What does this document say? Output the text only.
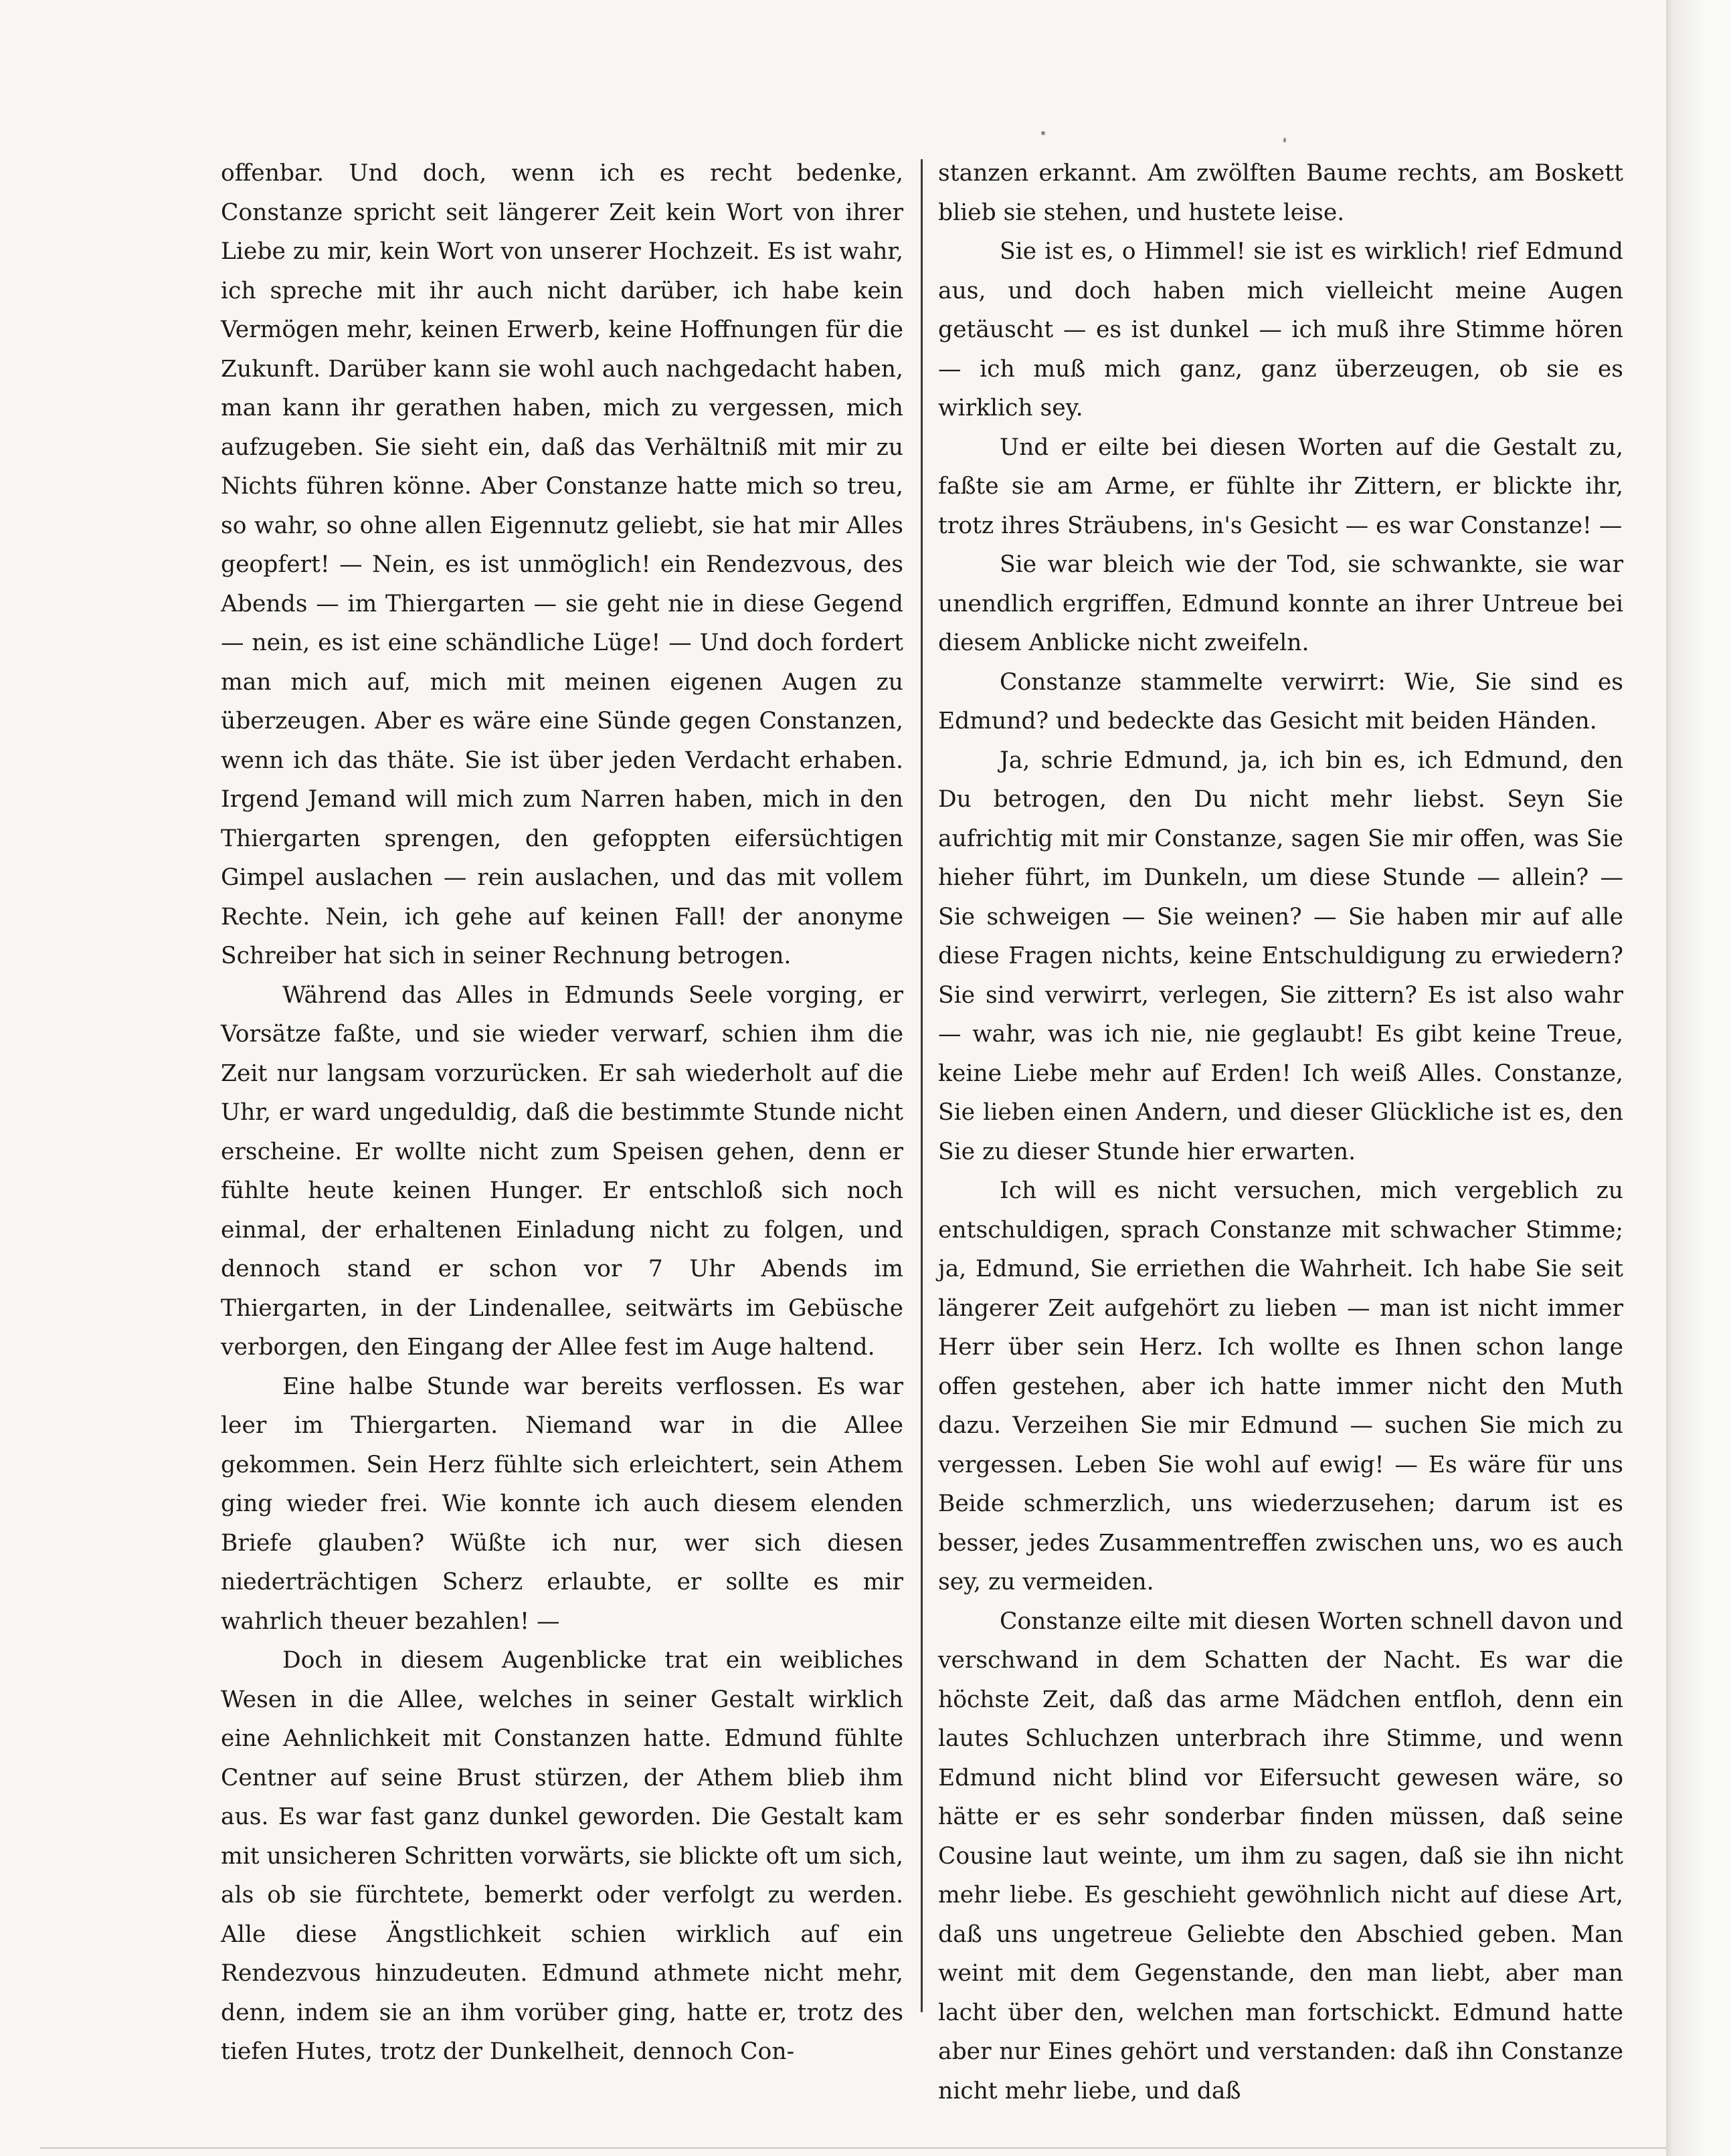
offenbar. Und doch, wenn ich es recht bedenke, Constanze spricht seit längerer Zeit kein Wort von ihrer Liebe zu mir, kein Wort von unserer Hochzeit. Es ist wahr, ich spreche mit ihr auch nicht darüber, ich habe kein Vermögen mehr, keinen Erwerb, keine Hoffnungen für die Zukunft. Darüber kann sie wohl auch nachgedacht haben, man kann ihr gerathen haben, mich zu vergessen, mich aufzugeben. Sie sieht ein, daß das Verhältniß mit mir zu Nichts führen könne. Aber Constanze hatte mich so treu, so wahr, so ohne allen Eigennutz geliebt, sie hat mir Alles geopfert! — Nein, es ist unmöglich! ein Rendezvous, des Abends — im Thiergarten — sie geht nie in diese Gegend — nein, es ist eine schändliche Lüge! — Und doch fordert man mich auf, mich mit meinen eigenen Augen zu überzeugen. Aber es wäre eine Sünde gegen Constanzen, wenn ich das thäte. Sie ist über jeden Verdacht erhaben. Irgend Jemand will mich zum Narren haben, mich in den Thiergarten sprengen, den gefoppten eifersüchtigen Gimpel auslachen — rein auslachen, und das mit vollem Rechte. Nein, ich gehe auf keinen Fall! der anonyme Schreiber hat sich in seiner Rechnung betrogen.

Während das Alles in Edmunds Seele vorging, er Vorsätze faßte, und sie wieder verwarf, schien ihm die Zeit nur langsam vorzurücken. Er sah wiederholt auf die Uhr, er ward ungeduldig, daß die bestimmte Stunde nicht erscheine. Er wollte nicht zum Speisen gehen, denn er fühlte heute keinen Hunger. Er entschloß sich noch einmal, der erhaltenen Einladung nicht zu folgen, und dennoch stand er schon vor 7 Uhr Abends im Thiergarten, in der Lindenallee, seitwärts im Gebüsche verborgen, den Eingang der Allee fest im Auge haltend.

Eine halbe Stunde war bereits verflossen. Es war leer im Thiergarten. Niemand war in die Allee gekommen. Sein Herz fühlte sich erleichtert, sein Athem ging wieder frei. Wie konnte ich auch diesem elenden Briefe glauben? Wüßte ich nur, wer sich diesen niederträchtigen Scherz erlaubte, er sollte es mir wahrlich theuer bezahlen! —

Doch in diesem Augenblicke trat ein weibliches Wesen in die Allee, welches in seiner Gestalt wirklich eine Aehnlichkeit mit Constanzen hatte. Edmund fühlte Centner auf seine Brust stürzen, der Athem blieb ihm aus. Es war fast ganz dunkel geworden. Die Gestalt kam mit unsicheren Schritten vorwärts, sie blickte oft um sich, als ob sie fürchtete, bemerkt oder verfolgt zu werden. Alle diese Ängstlichkeit schien wirklich auf ein Rendezvous hinzudeuten. Edmund athmete nicht mehr, denn, indem sie an ihm vorüber ging, hatte er, trotz des tiefen Hutes, trotz der Dunkelheit, dennoch Con-

stanzen erkannt. Am zwölften Baume rechts, am Boskett blieb sie stehen, und hustete leise.

Sie ist es, o Himmel! sie ist es wirklich! rief Edmund aus, und doch haben mich vielleicht meine Augen getäuscht — es ist dunkel — ich muß ihre Stimme hören — ich muß mich ganz, ganz überzeugen, ob sie es wirklich sey.

Und er eilte bei diesen Worten auf die Gestalt zu, faßte sie am Arme, er fühlte ihr Zittern, er blickte ihr, trotz ihres Sträubens, in's Gesicht — es war Constanze! —

Sie war bleich wie der Tod, sie schwankte, sie war unendlich ergriffen, Edmund konnte an ihrer Untreue bei diesem Anblicke nicht zweifeln.

Constanze stammelte verwirrt: Wie, Sie sind es Edmund? und bedeckte das Gesicht mit beiden Händen.

Ja, schrie Edmund, ja, ich bin es, ich Edmund, den Du betrogen, den Du nicht mehr liebst. Seyn Sie aufrichtig mit mir Constanze, sagen Sie mir offen, was Sie hieher führt, im Dunkeln, um diese Stunde — allein? — Sie schweigen — Sie weinen? — Sie haben mir auf alle diese Fragen nichts, keine Entschuldigung zu erwiedern? Sie sind verwirrt, verlegen, Sie zittern? Es ist also wahr — wahr, was ich nie, nie geglaubt! Es gibt keine Treue, keine Liebe mehr auf Erden! Ich weiß Alles. Constanze, Sie lieben einen Andern, und dieser Glückliche ist es, den Sie zu dieser Stunde hier erwarten.

Ich will es nicht versuchen, mich vergeblich zu entschuldigen, sprach Constanze mit schwacher Stimme; ja, Edmund, Sie erriethen die Wahrheit. Ich habe Sie seit längerer Zeit aufgehört zu lieben — man ist nicht immer Herr über sein Herz. Ich wollte es Ihnen schon lange offen gestehen, aber ich hatte immer nicht den Muth dazu. Verzeihen Sie mir Edmund — suchen Sie mich zu vergessen. Leben Sie wohl auf ewig! — Es wäre für uns Beide schmerzlich, uns wiederzusehen; darum ist es besser, jedes Zusammentreffen zwischen uns, wo es auch sey, zu vermeiden.

Constanze eilte mit diesen Worten schnell davon und verschwand in dem Schatten der Nacht. Es war die höchste Zeit, daß das arme Mädchen entfloh, denn ein lautes Schluchzen unterbrach ihre Stimme, und wenn Edmund nicht blind vor Eifersucht gewesen wäre, so hätte er es sehr sonderbar finden müssen, daß seine Cousine laut weinte, um ihm zu sagen, daß sie ihn nicht mehr liebe. Es geschieht gewöhnlich nicht auf diese Art, daß uns ungetreue Geliebte den Abschied geben. Man weint mit dem Gegenstande, den man liebt, aber man lacht über den, welchen man fortschickt. Edmund hatte aber nur Eines gehört und verstanden: daß ihn Constanze nicht mehr liebe, und daß
